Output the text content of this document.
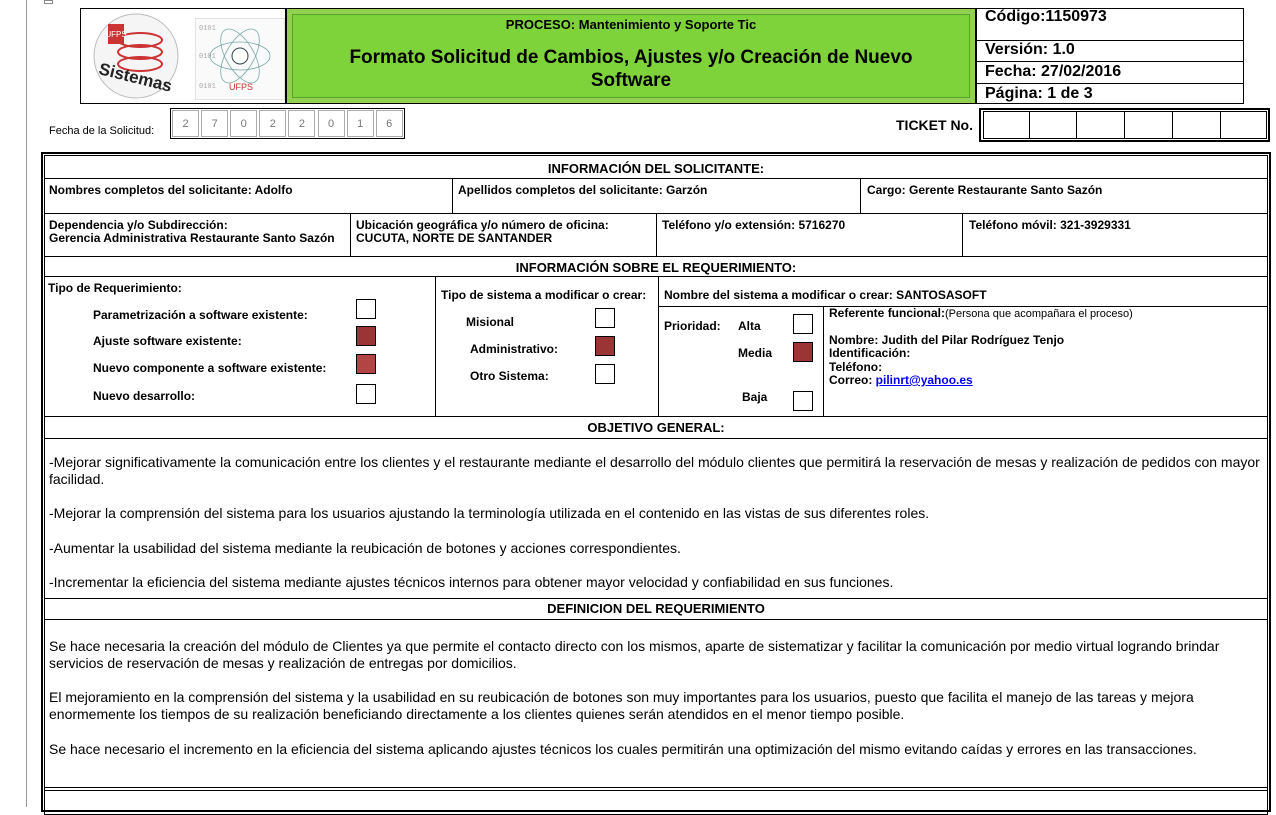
UFPS
Sistemas
0101
0101
0101 UFPS
PROCESO: Mantenimiento y Soporte Tic
Formato Solicitud de Cambios, Ajustes y/o Creación de Nuevo Software
Código:1150973
Versión: 1.0
Fecha: 27/02/2016
Página: 1 de 3
Fecha de la Solicitud:
2	7	0	2	2	0	1	6	TICKET No.
INFORMACIÓN DEL SOLICITANTE:
Nombres completos del solicitante: Adolfo	Apellidos completos del solicitante: Garzón	Cargo: Gerente Restaurante Santo Sazón
Dependencia y/o Subdirección:
Gerencia Administrativa Restaurante Santo Sazón
Ubicación geográfica y/o número de oficina:
CUCUTA, NORTE DE SANTANDER
Teléfono y/o extensión: 5716270	Teléfono móvil: 321-3929331
INFORMACIÓN SOBRE EL REQUERIMIENTO:
Tipo de Requerimiento:
Parametrización a software existente:
Ajuste software existente:
Nuevo componente a software existente:
Nuevo desarrollo:
Tipo de sistema a modificar o crear:
Misional
Administrativo:
Otro Sistema:
Nombre del sistema a modificar o crear: SANTOSASOFT
Prioridad: Alta
Media
Baja
Referente funcional:(Persona que acompañara el proceso)
Nombre: Judith del Pilar Rodríguez Tenjo
Identificación:
Teléfono:
Correo: pilinrt@yahoo.es
OBJETIVO GENERAL:
-Mejorar significativamente la comunicación entre los clientes y el restaurante mediante el desarrollo del módulo clientes que permitirá la reservación de mesas y realización de pedidos con mayor facilidad.
-Mejorar la comprensión del sistema para los usuarios ajustando la terminología utilizada en el contenido en las vistas de sus diferentes roles.
-Aumentar la usabilidad del sistema mediante la reubicación de botones y acciones correspondientes.
-Incrementar la eficiencia del sistema mediante ajustes técnicos internos para obtener mayor velocidad y confiabilidad en sus funciones.
DEFINICION DEL REQUERIMIENTO
Se hace necesaria la creación del módulo de Clientes ya que permite el contacto directo con los mismos, aparte de sistematizar y facilitar la comunicación por medio virtual logrando brindar servicios de reservación de mesas y realización de entregas por domicilios.
El mejoramiento en la comprensión del sistema y la usabilidad en su reubicación de botones son muy importantes para los usuarios, puesto que facilita el manejo de las tareas y mejora enormemente los tiempos de su realización beneficiando directamente a los clientes quienes serán atendidos en el menor tiempo posible.
Se hace necesario el incremento en la eficiencia del sistema aplicando ajustes técnicos los cuales permitirán una optimización del mismo evitando caídas y errores en las transacciones.
